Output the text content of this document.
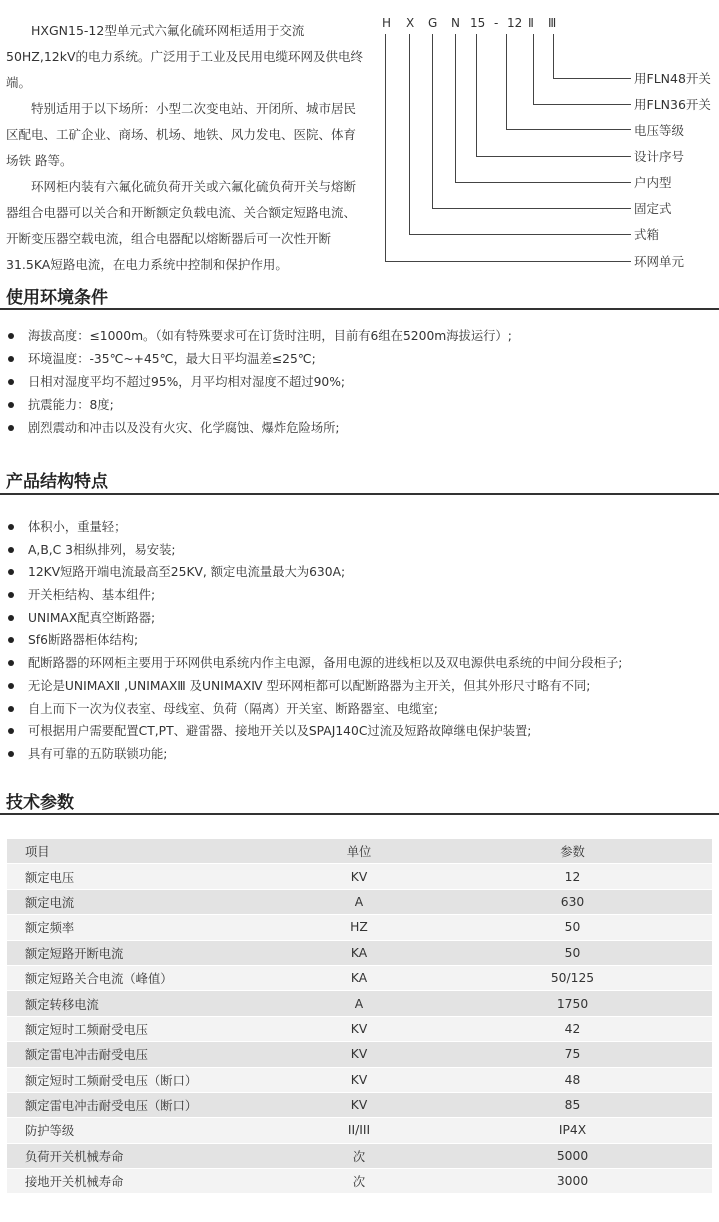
HXGN15-12型单元式六氟化硫环网柜适用于交流50HZ,12kV的电力系统。广泛用于工业及民用电缆环网及供电终端。

特别适用于以下场所：小型二次变电站、开闭所、城市居民区配电、工矿企业、商场、机场、地铁、风力发电、医院、体育场铁 路等。

环网柜内装有六氟化硫负荷开关或六氟化硫负荷开关与熔断器组合电器可以关合和开断额定负载电流、关合额定短路电流、开断变压器空载电流，组合电器配以熔断器后可一次性开断31.5KA短路电流，在电力系统中控制和保护作用。

H X G N 15 - 12 Ⅱ Ⅲ
用FLN48开关
用FLN36开关
电压等级
设计序号
户内型
固定式
式箱
环网单元
使用环境条件
海拔高度：≤1000m。（如有特殊要求可在订货时注明，目前有6组在5200m海拔运行）;
环境温度：-35℃~+45℃，最大日平均温差≤25℃;
日相对湿度平均不超过95%，月平均相对湿度不超过90%;
抗震能力：8度;
剧烈震动和冲击以及没有火灾、化学腐蚀、爆炸危险场所;
产品结构特点
体积小，重量轻；
A,B,C 3相纵排列，易安装;
12KV短路开端电流最高至25KV, 额定电流量最大为630A;
开关柜结构、基本组件;
UNIMAX配真空断路器;
Sf6断路器柜体结构;
配断路器的环网柜主要用于环网供电系统内作主电源，备用电源的进线柜以及双电源供电系统的中间分段柜子;
无论是UNIMAXⅡ ,UNIMAXⅢ 及UNIMAXⅣ 型环网柜都可以配断路器为主开关，但其外形尺寸略有不同;
自上而下一次为仪表室、母线室、负荷（隔离）开关室、断路器室、电缆室;
可根据用户需要配置CT,PT、避雷器、接地开关以及SPAJ140C过流及短路故障继电保护装置;
具有可靠的五防联锁功能;
技术参数
项目	单位	参数
额定电压	KV	12
额定电流	A	630
额定频率	HZ	50
额定短路开断电流	KA	50
额定短路关合电流（峰值）	KA	50/125
额定转移电流	A	1750
额定短时工频耐受电压	KV	42
额定雷电冲击耐受电压	KV	75
额定短时工频耐受电压（断口）	KV	48
额定雷电冲击耐受电压（断口）	KV	85
防护等级	II/III	IP4X
负荷开关机械寿命	次	5000
接地开关机械寿命	次	3000
